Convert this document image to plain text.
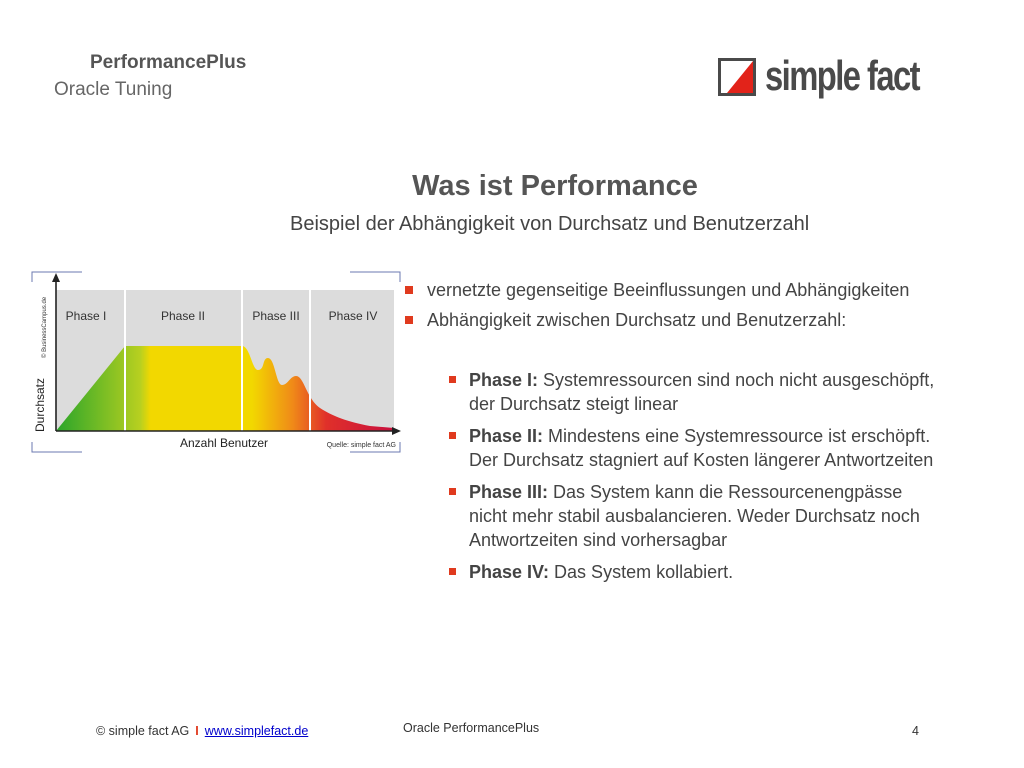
PerformancePlus
Oracle Tuning	simple fact
Was ist Performance
Beispiel der Abhängigkeit von Durchsatz und Benutzerzahl
Phase I	Phase II	Phase III Phase IV
Durchsatz
Anzahl Benutzer
© BusinessCampus.de
Quelle: simple fact AG
vernetzte gegenseitige Beeinflussungen und Abhängigkeiten
Abhängigkeit zwischen Durchsatz und Benutzerzahl:
Phase I: Systemressourcen sind noch nicht ausgeschöpft, der Durchsatz steigt linear
Phase II: Mindestens eine Systemressource ist erschöpft. Der Durchsatz stagniert auf Kosten längerer Antwortzeiten
Phase III: Das System kann die Ressourcenengpässe nicht mehr stabil ausbalancieren. Weder Durchsatz noch Antwortzeiten sind vorhersagbar
Phase IV: Das System kollabiert.
© simple fact AG I www.simplefact.de	Oracle PerformancePlus	4
